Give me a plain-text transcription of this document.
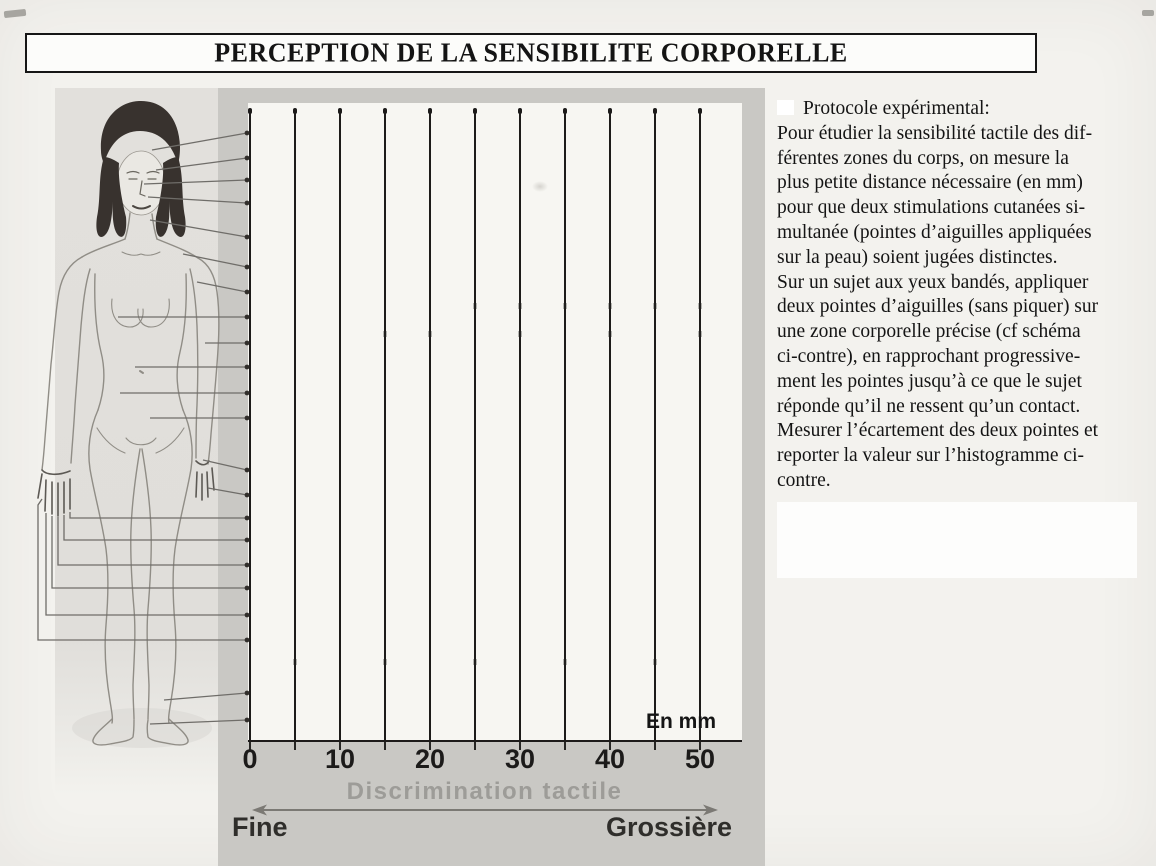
PERCEPTION DE LA SENSIBILITE CORPORELLE
En mm
0 10 20 30 40 50
Discrimination tactile
Fine	Grossière
Protocole expérimental:
Pour étudier la sensibilité tactile des dif-
férentes zones du corps, on mesure la
plus petite distance nécessaire (en mm)
pour que deux stimulations cutanées si-
multanée (pointes d’aiguilles appliquées
sur la peau) soient jugées distinctes.
Sur un sujet aux yeux bandés, appliquer
deux pointes d’aiguilles (sans piquer) sur
une zone corporelle précise (cf schéma
ci-contre), en rapprochant progressive-
ment les pointes jusqu’à ce que le sujet
réponde qu’il ne ressent qu’un contact.
Mesurer l’écartement des deux pointes et
reporter la valeur sur l’histogramme ci-
contre.
